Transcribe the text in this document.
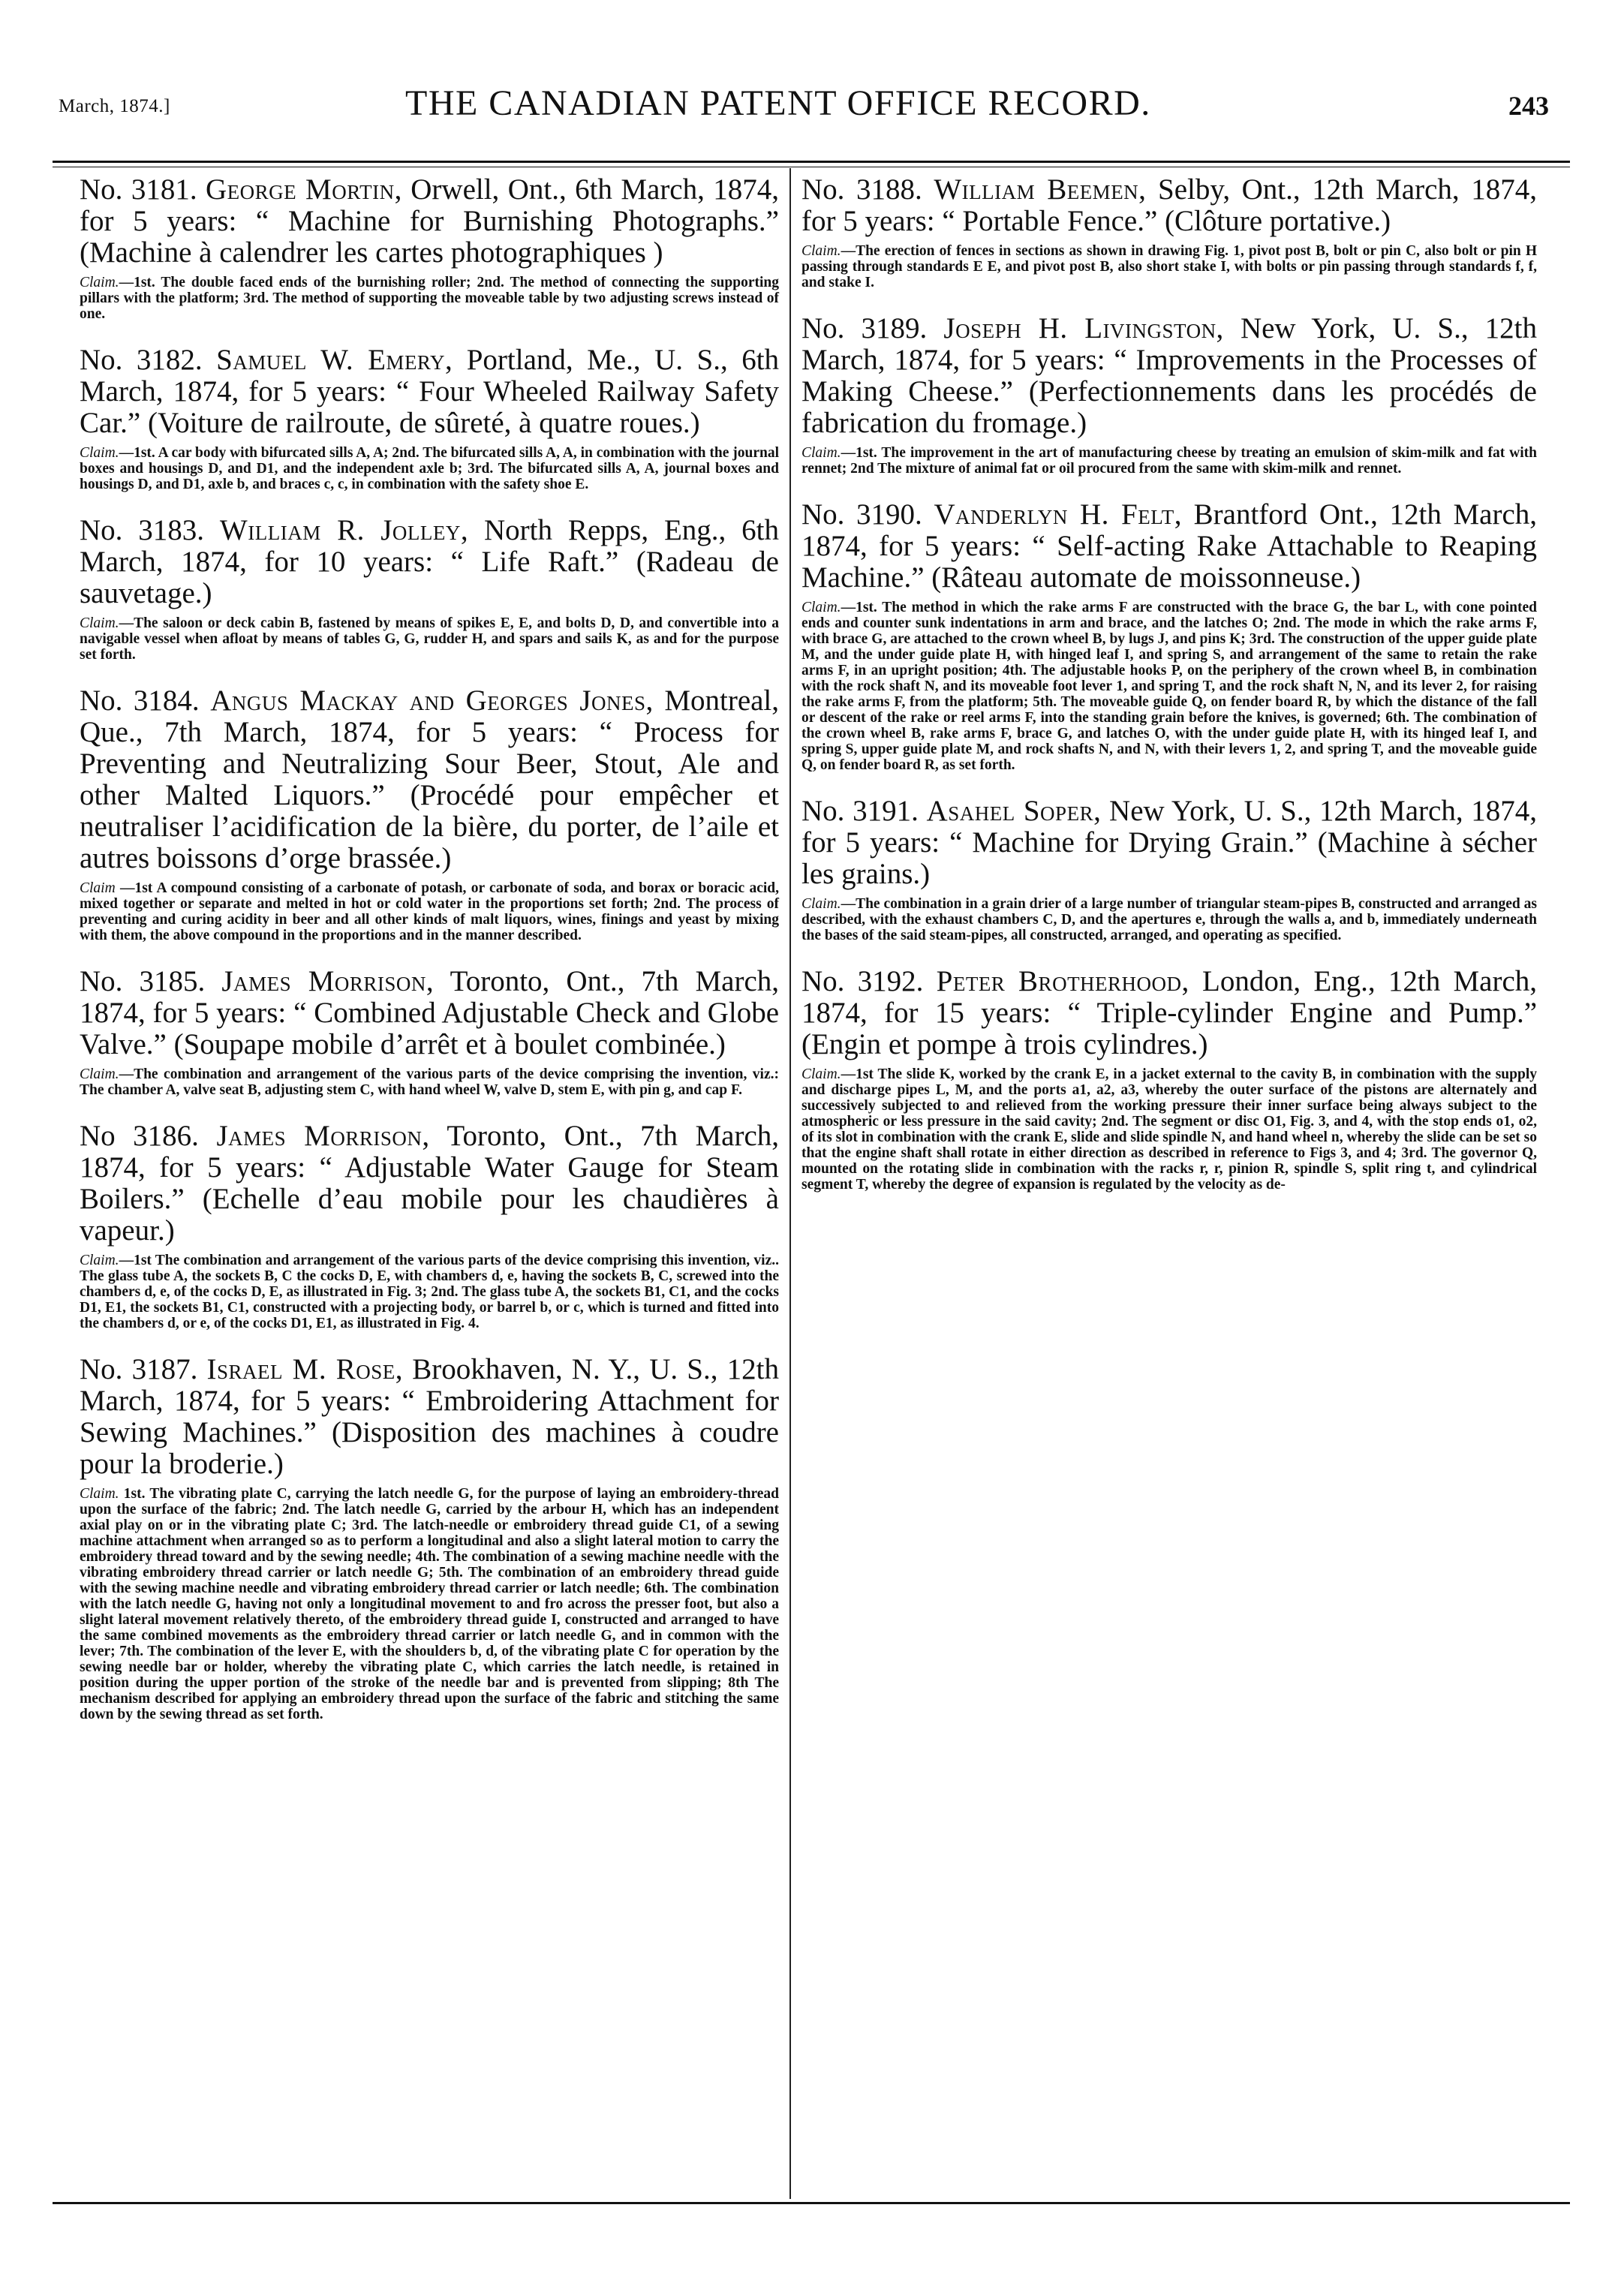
March, 1874.]	THE CANADIAN PATENT OFFICE RECORD.	243

No. 3181. George Mortin, Orwell, Ont., 6th March, 1874, for 5 years: “ Machine for Burnishing Photographs.” (Machine à calendrer les cartes photographiques )

Claim.—1st. The double faced ends of the burnishing roller; 2nd. The method of connecting the supporting pillars with the platform; 3rd. The method of supporting the moveable table by two adjusting screws instead of one.

No. 3182. Samuel W. Emery, Portland, Me., U. S., 6th March, 1874, for 5 years: “ Four Wheeled Railway Safety Car.” (Voiture de railroute, de sûreté, à quatre roues.)

Claim.—1st. A car body with bifurcated sills A, A; 2nd. The bifurcated sills A, A, in combination with the journal boxes and housings D, and D1, and the independent axle b; 3rd. The bifurcated sills A, A, journal boxes and housings D, and D1, axle b, and braces c, c, in combination with the safety shoe E.

No. 3183. William R. Jolley, North Repps, Eng., 6th March, 1874, for 10 years: “ Life Raft.” (Radeau de sauvetage.)

Claim.—The saloon or deck cabin B, fastened by means of spikes E, E, and bolts D, D, and convertible into a navigable vessel when afloat by means of tables G, G, rudder H, and spars and sails K, as and for the purpose set forth.

No. 3184. Angus Mackay and Georges Jones, Montreal, Que., 7th March, 1874, for 5 years: “ Process for Preventing and Neutralizing Sour Beer, Stout, Ale and other Malted Liquors.” (Procédé pour empêcher et neutraliser l’acidification de la bière, du porter, de l’aile et autres boissons d’orge brassée.)

Claim —1st A compound consisting of a carbonate of potash, or carbonate of soda, and borax or boracic acid, mixed together or separate and melted in hot or cold water in the proportions set forth; 2nd. The process of preventing and curing acidity in beer and all other kinds of malt liquors, wines, finings and yeast by mixing with them, the above compound in the proportions and in the manner described.

No. 3185. James Morrison, Toronto, Ont., 7th March, 1874, for 5 years: “ Combined Adjustable Check and Globe Valve.” (Soupape mobile d’arrêt et à boulet combinée.)

Claim.—The combination and arrangement of the various parts of the device comprising the invention, viz.: The chamber A, valve seat B, adjusting stem C, with hand wheel W, valve D, stem E, with pin g, and cap F.

No 3186. James Morrison, Toronto, Ont., 7th March, 1874, for 5 years: “ Adjustable Water Gauge for Steam Boilers.” (Echelle d’eau mobile pour les chaudières à vapeur.)

Claim.—1st The combination and arrangement of the various parts of the device comprising this invention, viz.. The glass tube A, the sockets B, C the cocks D, E, with chambers d, e, having the sockets B, C, screwed into the chambers d, e, of the cocks D, E, as illustrated in Fig. 3; 2nd. The glass tube A, the sockets B1, C1, and the cocks D1, E1, the sockets B1, C1, constructed with a projecting body, or barrel b, or c, which is turned and fitted into the chambers d, or e, of the cocks D1, E1, as illustrated in Fig. 4.

No. 3187. Israel M. Rose, Brookhaven, N. Y., U. S., 12th March, 1874, for 5 years: “ Embroidering Attachment for Sewing Machines.” (Disposition des machines à coudre pour la broderie.)

Claim. 1st. The vibrating plate C, carrying the latch needle G, for the purpose of laying an embroidery-thread upon the surface of the fabric; 2nd. The latch needle G, carried by the arbour H, which has an independent axial play on or in the vibrating plate C; 3rd. The latch-needle or embroidery thread guide C1, of a sewing machine attachment when arranged so as to perform a longitudinal and also a slight lateral motion to carry the embroidery thread toward and by the sewing needle; 4th. The combination of a sewing machine needle with the vibrating embroidery thread carrier or latch needle G; 5th. The combination of an embroidery thread guide with the sewing machine needle and vibrating embroidery thread carrier or latch needle; 6th. The combination with the latch needle G, having not only a longitudinal movement to and fro across the presser foot, but also a slight lateral movement relatively thereto, of the embroidery thread guide I, constructed and arranged to have the same combined movements as the embroidery thread carrier or latch needle G, and in common with the lever; 7th. The combination of the lever E, with the shoulders b, d, of the vibrating plate C for operation by the sewing needle bar or holder, whereby the vibrating plate C, which carries the latch needle, is retained in position during the upper portion of the stroke of the needle bar and is prevented from slipping; 8th The mechanism described for applying an embroidery thread upon the surface of the fabric and stitching the same down by the sewing thread as set forth.

No. 3188. William Beemen, Selby, Ont., 12th March, 1874, for 5 years: “ Portable Fence.” (Clôture portative.)

Claim.—The erection of fences in sections as shown in drawing Fig. 1, pivot post B, bolt or pin C, also bolt or pin H passing through standards E E, and pivot post B, also short stake I, with bolts or pin passing through standards f, f, and stake I.

No. 3189. Joseph H. Livingston, New York, U. S., 12th March, 1874, for 5 years: “ Improvements in the Processes of Making Cheese.” (Perfectionnements dans les procédés de fabrication du fromage.)

Claim.—1st. The improvement in the art of manufacturing cheese by treating an emulsion of skim-milk and fat with rennet; 2nd The mixture of animal fat or oil procured from the same with skim-milk and rennet.

No. 3190. Vanderlyn H. Felt, Brantford Ont., 12th March, 1874, for 5 years: “ Self-acting Rake Attachable to Reaping Machine.” (Râteau automate de moissonneuse.)

Claim.—1st. The method in which the rake arms F are constructed with the brace G, the bar L, with cone pointed ends and counter sunk indentations in arm and brace, and the latches O; 2nd. The mode in which the rake arms F, with brace G, are attached to the crown wheel B, by lugs J, and pins K; 3rd. The construction of the upper guide plate M, and the under guide plate H, with hinged leaf I, and spring S, and arrangement of the same to retain the rake arms F, in an upright position; 4th. The adjustable hooks P, on the periphery of the crown wheel B, in combination with the rock shaft N, and its moveable foot lever 1, and spring T, and the rock shaft N, N, and its lever 2, for raising the rake arms F, from the platform; 5th. The moveable guide Q, on fender board R, by which the distance of the fall or descent of the rake or reel arms F, into the standing grain before the knives, is governed; 6th. The combination of the crown wheel B, rake arms F, brace G, and latches O, with the under guide plate H, with its hinged leaf I, and spring S, upper guide plate M, and rock shafts N, and N, with their levers 1, 2, and spring T, and the moveable guide Q, on fender board R, as set forth.

No. 3191. Asahel Soper, New York, U. S., 12th March, 1874, for 5 years: “ Machine for Drying Grain.” (Machine à sécher les grains.)

Claim.—The combination in a grain drier of a large number of triangular steam-pipes B, constructed and arranged as described, with the exhaust chambers C, D, and the apertures e, through the walls a, and b, immediately underneath the bases of the said steam-pipes, all constructed, arranged, and operating as specified.

No. 3192. Peter Brotherhood, London, Eng., 12th March, 1874, for 15 years: “ Triple-cylinder Engine and Pump.” (Engin et pompe à trois cylindres.)

Claim.—1st The slide K, worked by the crank E, in a jacket external to the cavity B, in combination with the supply and discharge pipes L, M, and the ports a1, a2, a3, whereby the outer surface of the pistons are alternately and successively subjected to and relieved from the working pressure their inner surface being always subject to the atmospheric or less pressure in the said cavity; 2nd. The segment or disc O1, Fig. 3, and 4, with the stop ends o1, o2, of its slot in combination with the crank E, slide and slide spindle N, and hand wheel n, whereby the slide can be set so that the engine shaft shall rotate in either direction as described in reference to Figs 3, and 4; 3rd. The governor Q, mounted on the rotating slide in combination with the racks r, r, pinion R, spindle S, split ring t, and cylindrical segment T, whereby the degree of expansion is regulated by the velocity as de-
